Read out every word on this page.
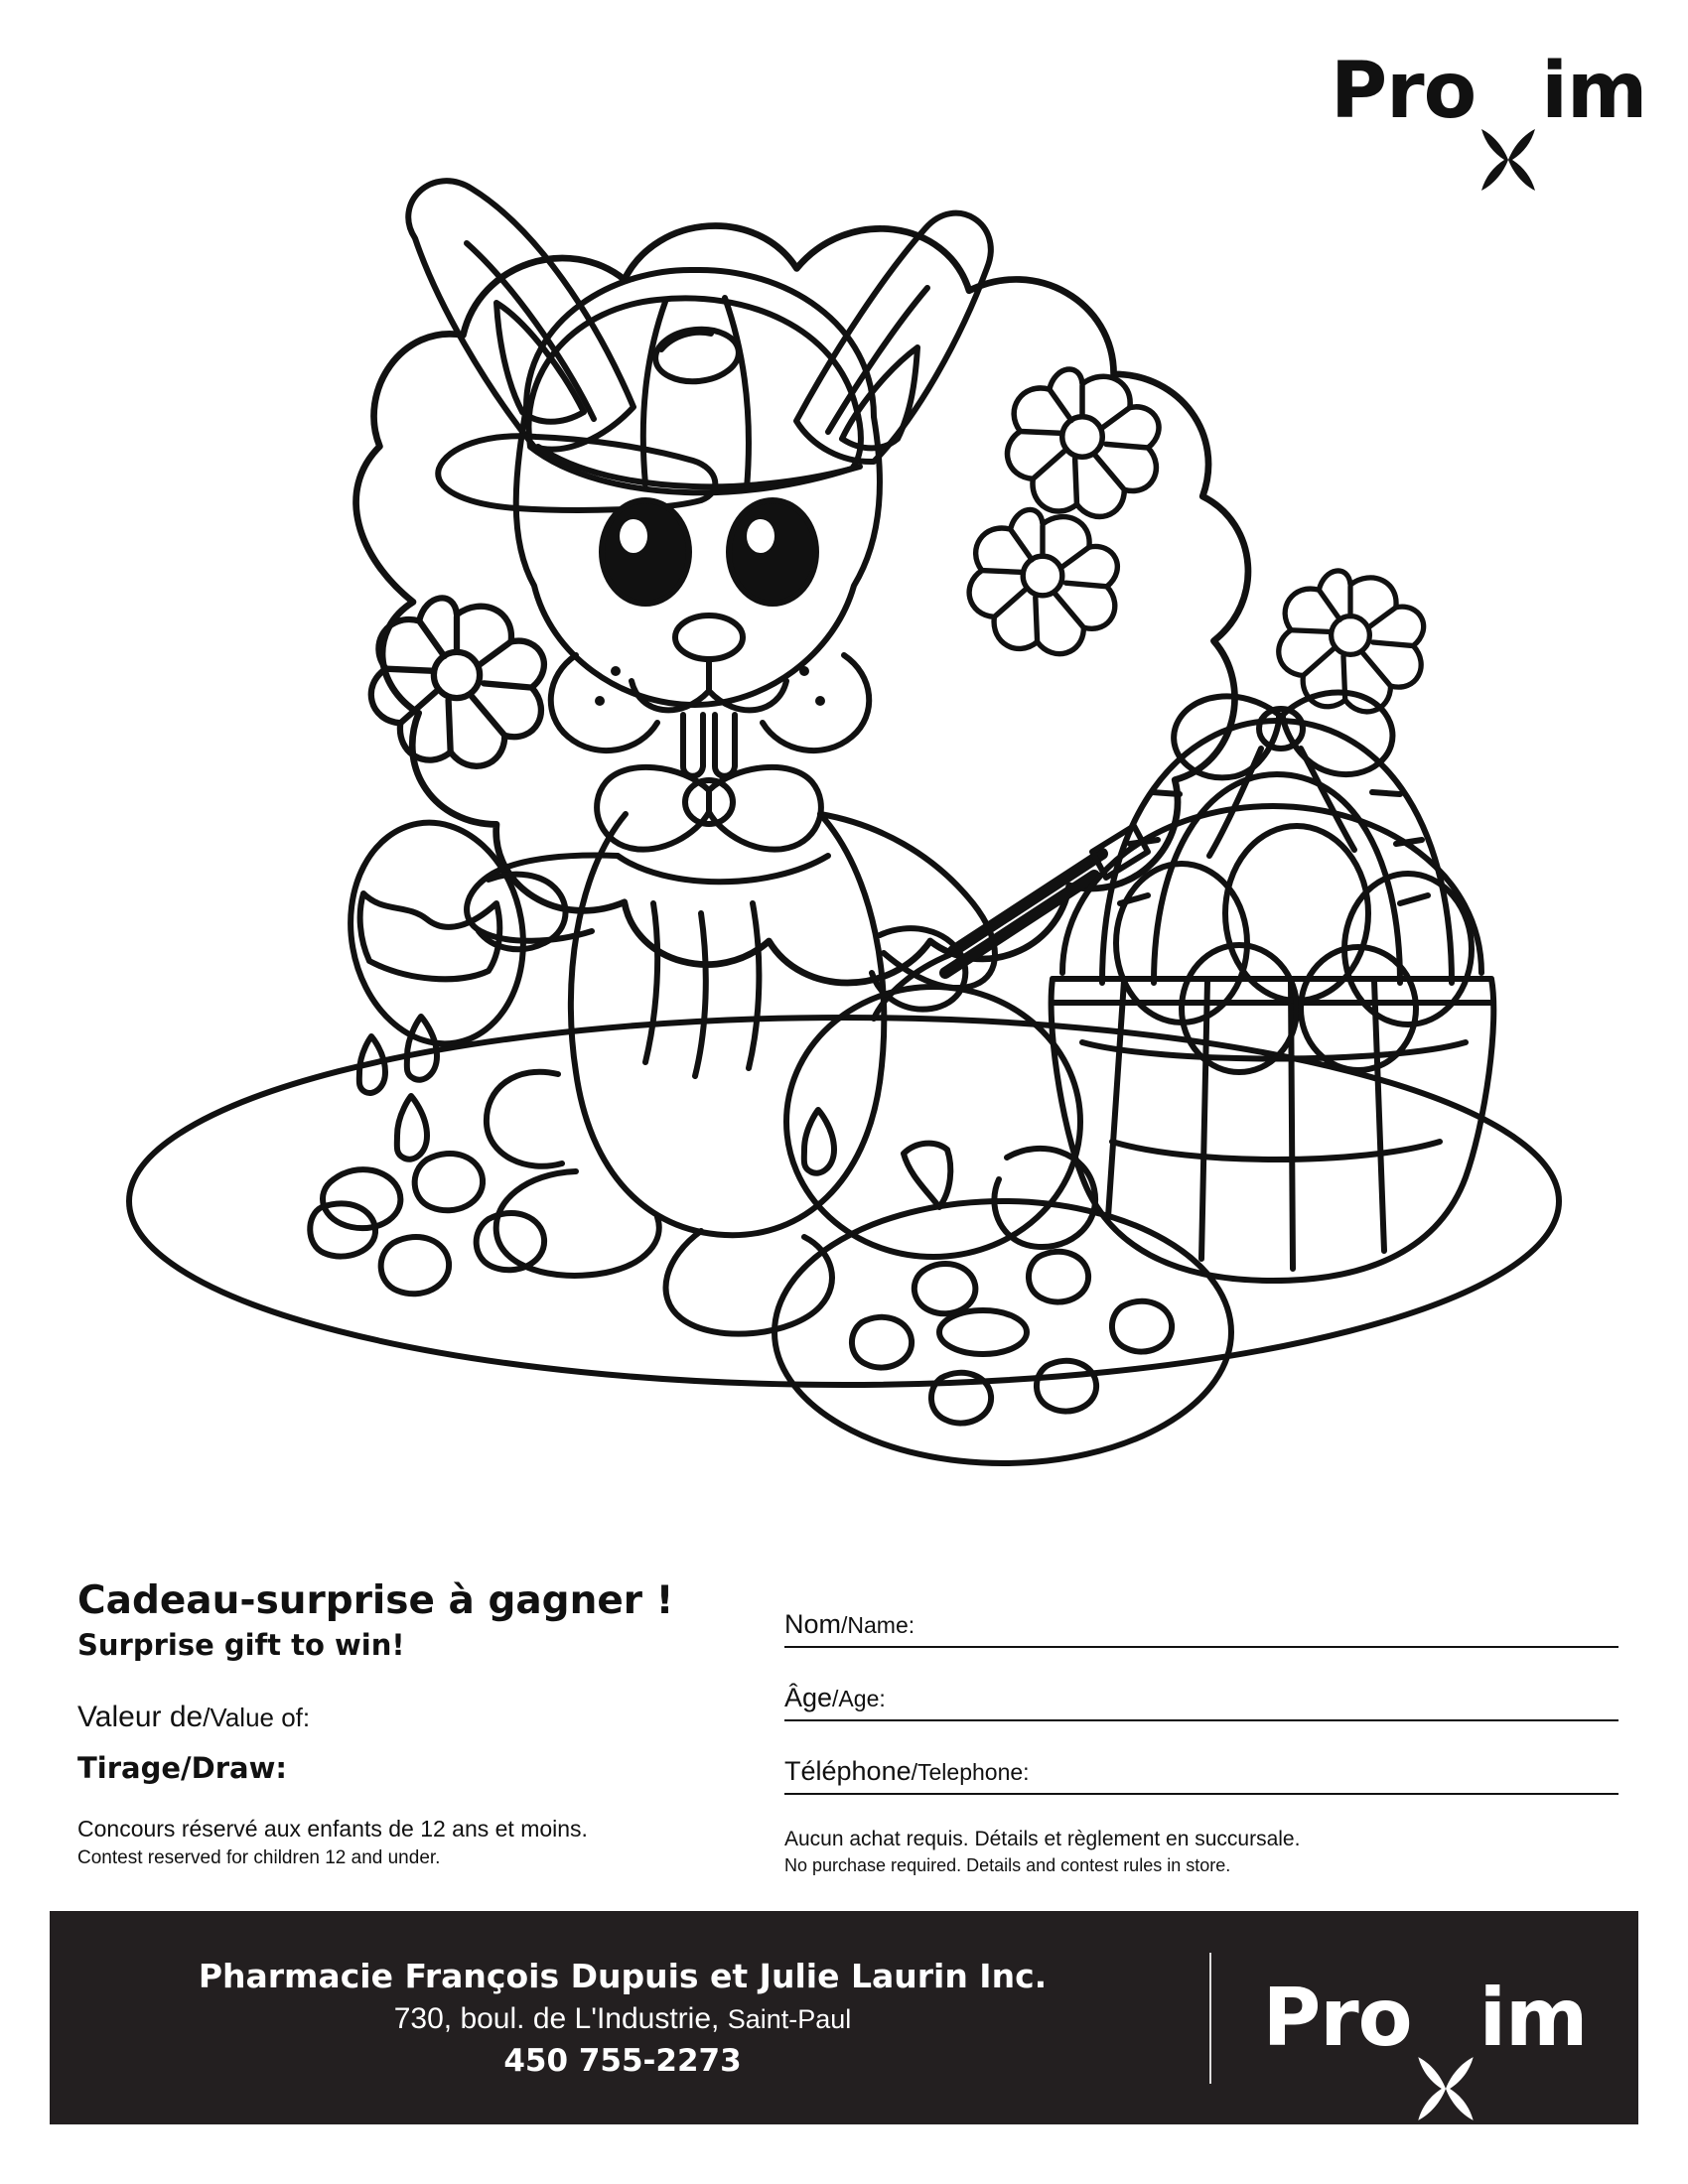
Pro im
Cadeau-surprise à gagner !
Surprise gift to win!
Valeur de/Value of:
Tirage/Draw:
Concours réservé aux enfants de 12 ans et moins.
Contest reserved for children 12 and under.
Nom/Name:
Âge/Age:
Téléphone/Telephone:
Aucun achat requis. Détails et règlement en succursale.
No purchase required. Details and contest rules in store.
Pharmacie François Dupuis et Julie Laurin Inc.
730, boul. de L'Industrie, Saint-Paul
450 755-2273	Pro im
